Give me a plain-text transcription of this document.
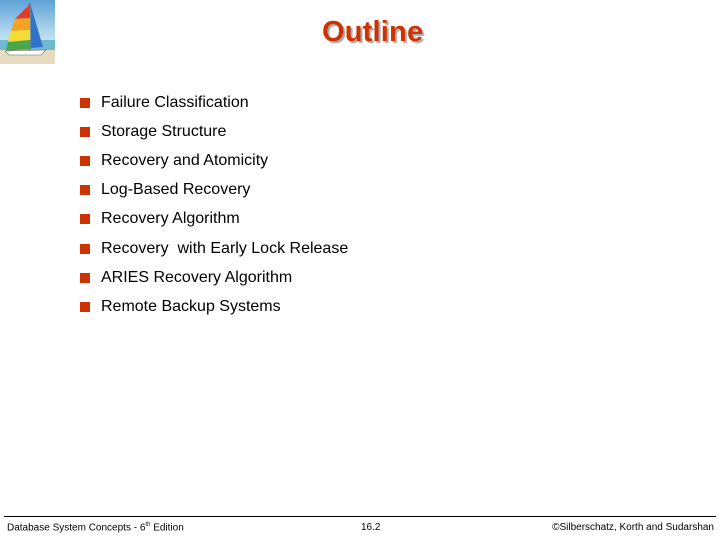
Outline
Failure Classification
Storage Structure
Recovery and Atomicity
Log-Based Recovery
Recovery Algorithm
Recovery  with Early Lock Release
ARIES Recovery Algorithm
Remote Backup Systems
Database System Concepts - 6th Edition	16.2	©Silberschatz, Korth and Sudarshan
